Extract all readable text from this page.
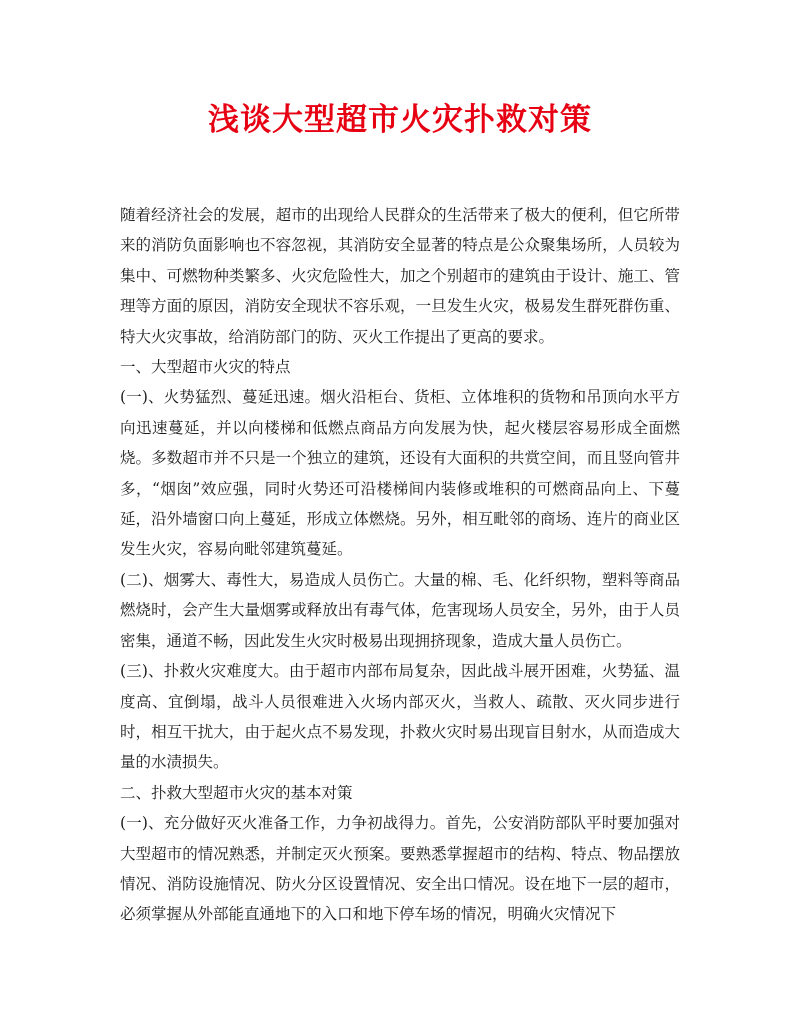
浅谈大型超市火灾扑救对策

随着经济社会的发展，超市的出现给人民群众的生活带来了极大的便利，但它所带来的消防负面影响也不容忽视，其消防安全显著的特点是公众聚集场所，人员较为集中、可燃物种类繁多、火灾危险性大，加之个别超市的建筑由于设计、施工、管理等方面的原因，消防安全现状不容乐观，一旦发生火灾，极易发生群死群伤重、特大火灾事故，给消防部门的防、灭火工作提出了更高的要求。

一、大型超市火灾的特点

(一)、火势猛烈、蔓延迅速。烟火沿柜台、货柜、立体堆积的货物和吊顶向水平方向迅速蔓延，并以向楼梯和低燃点商品方向发展为快，起火楼层容易形成全面燃烧。多数超市并不只是一个独立的建筑，还设有大面积的共赏空间，而且竖向管井多，“烟囱”效应强，同时火势还可沿楼梯间内装修或堆积的可燃商品向上、下蔓延，沿外墙窗口向上蔓延，形成立体燃烧。另外，相互毗邻的商场、连片的商业区发生火灾，容易向毗邻建筑蔓延。

(二)、烟雾大、毒性大，易造成人员伤亡。大量的棉、毛、化纤织物，塑料等商品燃烧时，会产生大量烟雾或释放出有毒气体，危害现场人员安全，另外，由于人员密集，通道不畅，因此发生火灾时极易出现拥挤现象，造成大量人员伤亡。

(三)、扑救火灾难度大。由于超市内部布局复杂，因此战斗展开困难，火势猛、温度高、宜倒塌，战斗人员很难进入火场内部灭火，当救人、疏散、灭火同步进行时，相互干扰大，由于起火点不易发现，扑救火灾时易出现盲目射水，从而造成大量的水渍损失。

二、扑救大型超市火灾的基本对策

(一)、充分做好灭火准备工作，力争初战得力。首先，公安消防部队平时要加强对大型超市的情况熟悉，并制定灭火预案。要熟悉掌握超市的结构、特点、物品摆放情况、消防设施情况、防火分区设置情况、安全出口情况。设在地下一层的超市，必须掌握从外部能直通地下的入口和地下停车场的情况，明确火灾情况下
